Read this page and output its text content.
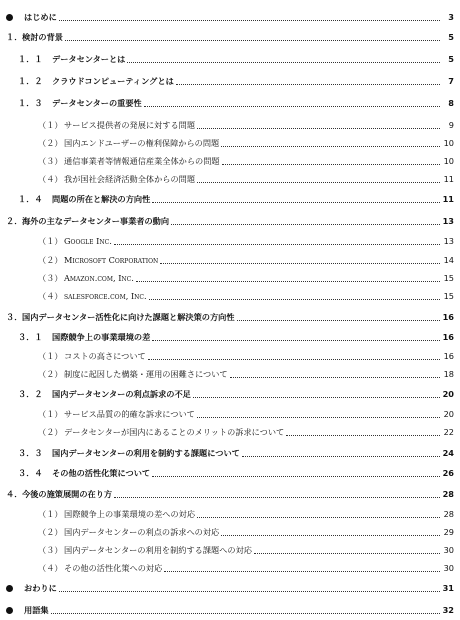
はじめに	3
１． 検討の背景	5
１．１	データセンターとは	5
１．２	クラウドコンピューティングとは	7
１．３	データセンターの重要性	8
（１） サービス提供者の発展に対する問題	9
（２） 国内エンドユーザーの権利保障からの問題	10
（３） 通信事業者等情報通信産業全体からの問題	10
（４） 我が国社会経済活動全体からの問題	11
１．４	問題の所在と解決の方向性	11
２． 海外の主なデータセンター事業者の動向	13
（１） Google Inc.	13
（２） Microsoft Corporation	14
（３） Amazon.com, Inc.	15
（４） salesforce.com, Inc.	15
３． 国内データセンター活性化に向けた課題と解決策の方向性	16
３．１	国際競争上の事業環境の差	16
（１） コストの高さについて	16
（２） 制度に起因した構築・運用の困難さについて	18
３．２	国内データセンターの利点訴求の不足	20
（１） サービス品質の的確な訴求について	20
（２） データセンターが国内にあることのメリットの訴求について	22
３．３	国内データセンターの利用を制約する課題について	24
３．４	その他の活性化策について	26
４． 今後の施策展開の在り方	28
（１） 国際競争上の事業環境の差への対応	28
（２） 国内データセンターの利点の訴求への対応	29
（３） 国内データセンターの利用を制約する課題への対応	30
（４） その他の活性化策への対応	30
おわりに	31
用語集	32
